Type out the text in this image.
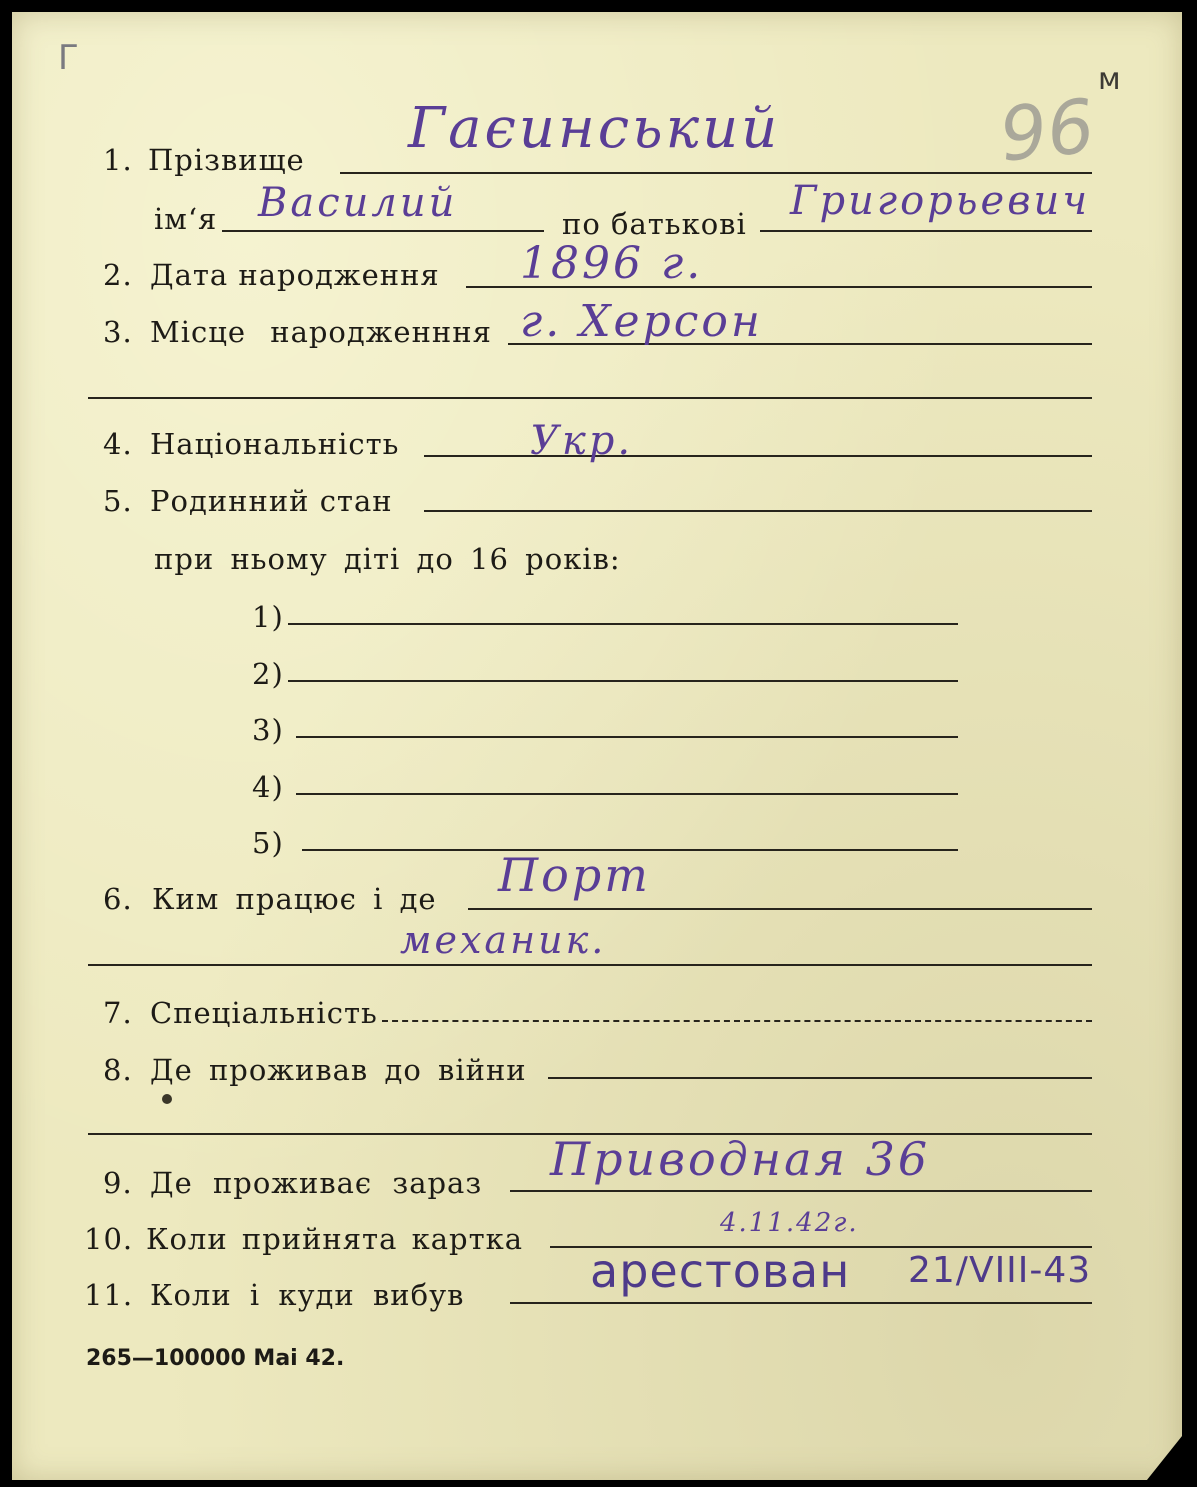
Г
м
96
1. Прізвище Гаєинський
ім‘я Василий	по батькові Григорьевич
2. Дата народження 1896 г.
3. Місце народженння г. Херсон
4. Національність	Укр.
5. Родинний стан
при ньому діті до 16 років:
1)
2)
3)
4)
5)
6. Ким працює і де Порт
механик.
7. Спеціальність
8. Де проживав до війни
9. Де проживає зараз Приводная 36
10. Коли прийнята картка	4.11.42г.
11. Коли і куди вибув	арестован 21/VIII-43
265—100000 Mai 42.
